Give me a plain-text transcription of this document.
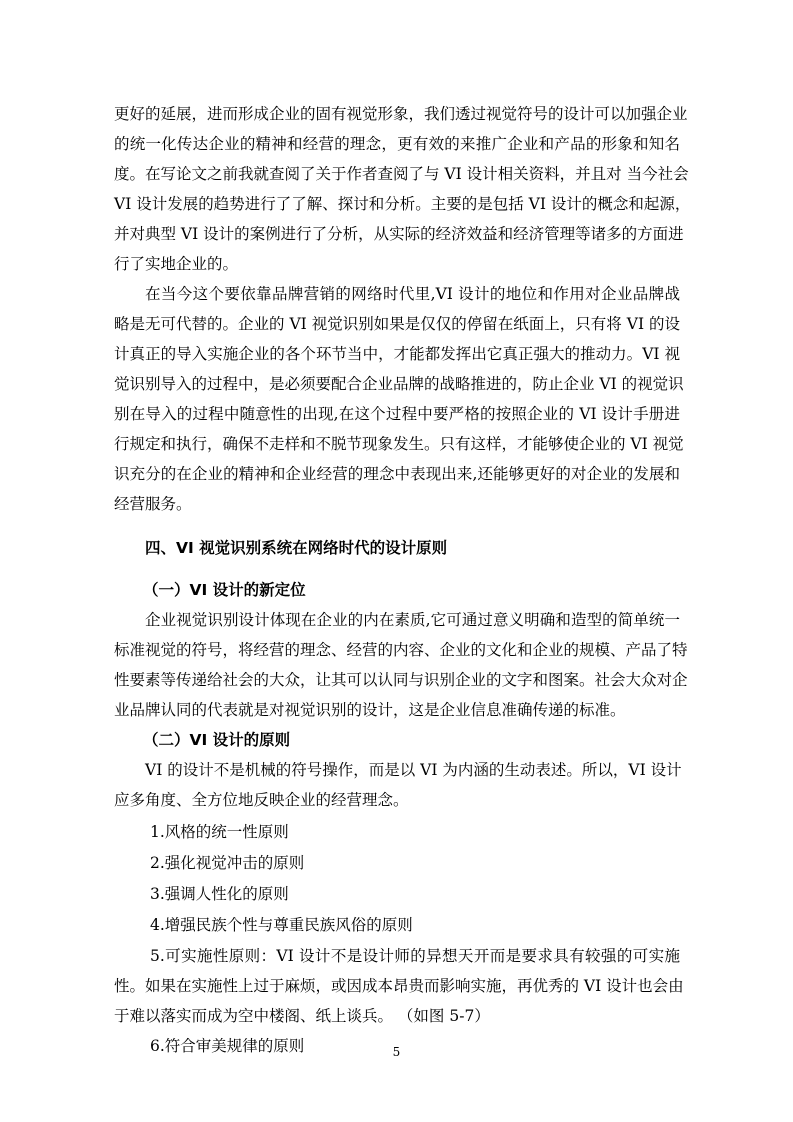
更好的延展，进而形成企业的固有视觉形象，我们透过视觉符号的设计可以加强企业
的统一化传达企业的精神和经营的理念，更有效的来推广企业和产品的形象和知名
度。在写论文之前我就查阅了关于作者查阅了与 VI 设计相关资料，并且对 当今社会
VI 设计发展的趋势进行了了解、探讨和分析。主要的是包括 VI 设计的概念和起源，
并对典型 VI 设计的案例进行了分析，从实际的经济效益和经济管理等诸多的方面进
行了实地企业的。
在当今这个要依靠品牌营销的网络时代里,VI 设计的地位和作用对企业品牌战
略是无可代替的。企业的 VI 视觉识别如果是仅仅的停留在纸面上，只有将 VI 的设
计真正的导入实施企业的各个环节当中，才能都发挥出它真正强大的推动力。VI 视
觉识别导入的过程中，是必须要配合企业品牌的战略推进的，防止企业 VI 的视觉识
别在导入的过程中随意性的出现,在这个过程中要严格的按照企业的 VI 设计手册进
行规定和执行，确保不走样和不脱节现象发生。只有这样，才能够使企业的 VI 视觉
识充分的在企业的精神和企业经营的理念中表现出来,还能够更好的对企业的发展和
经营服务。
四、VI 视觉识别系统在网络时代的设计原则
（一）VI 设计的新定位
企业视觉识别设计体现在企业的内在素质,它可通过意义明确和造型的简单统一
标准视觉的符号，将经营的理念、经营的内容、企业的文化和企业的规模、产品了特
性要素等传递给社会的大众，让其可以认同与识别企业的文字和图案。社会大众对企
业品牌认同的代表就是对视觉识别的设计，这是企业信息准确传递的标准。
（二）VI 设计的原则
VI 的设计不是机械的符号操作，而是以 VI 为内涵的生动表述。所以，VI 设计
应多角度、全方位地反映企业的经营理念。
1.风格的统一性原则
2.强化视觉冲击的原则
3.强调人性化的原则
4.增强民族个性与尊重民族风俗的原则
5.可实施性原则：VI 设计不是设计师的异想天开而是要求具有较强的可实施
性。如果在实施性上过于麻烦，或因成本昂贵而影响实施，再优秀的 VI 设计也会由
于难以落实而成为空中楼阁、纸上谈兵。 （如图 5-7）
6.符合审美规律的原则	5
